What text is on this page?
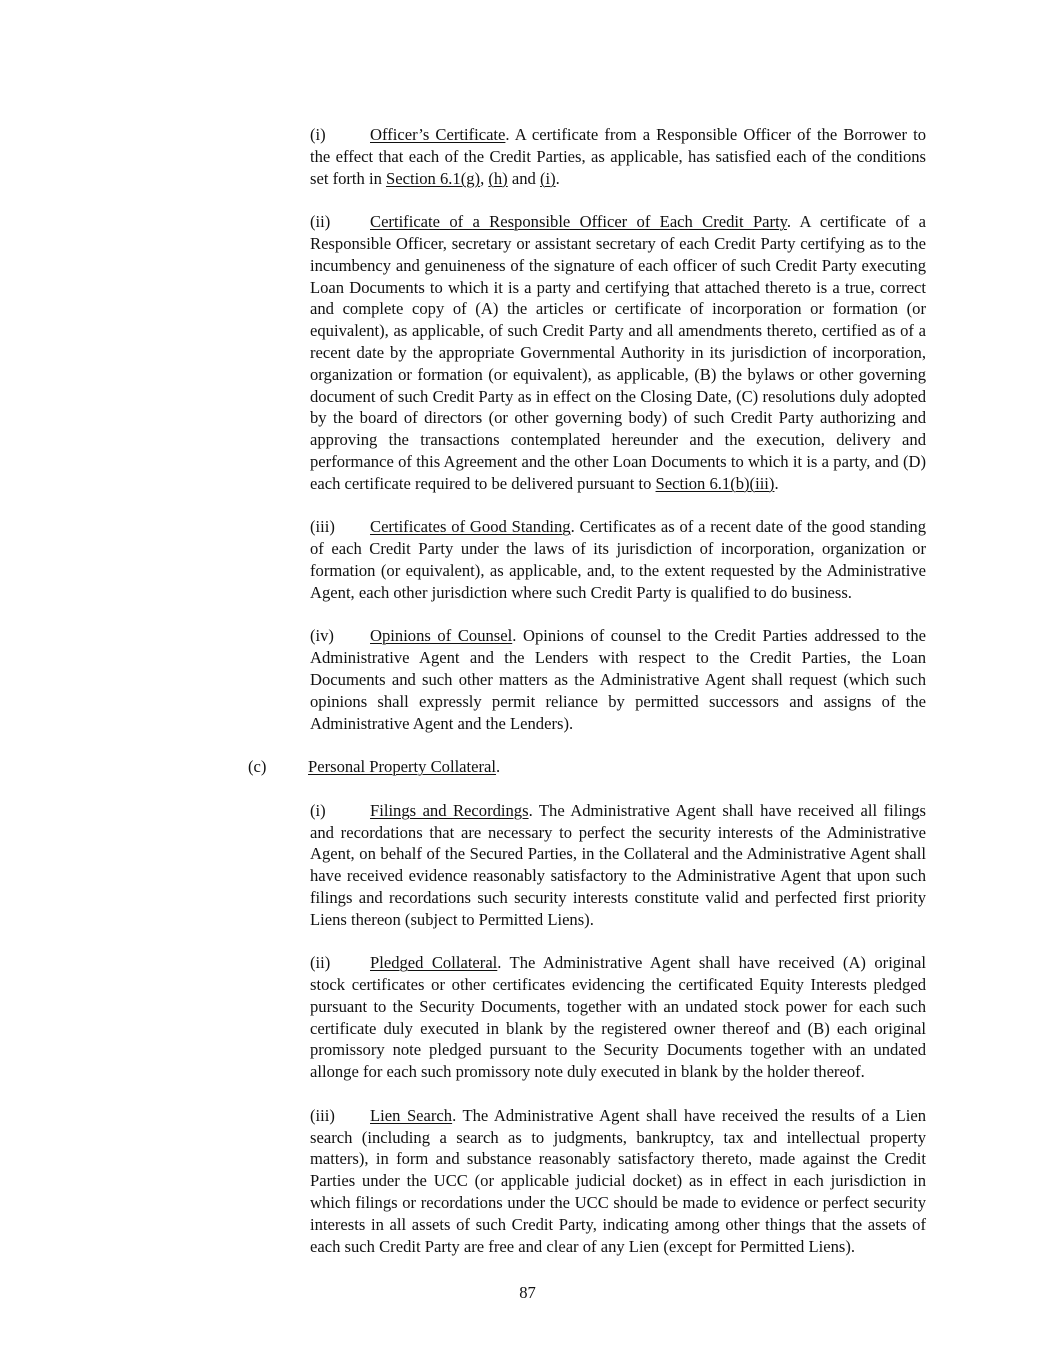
(i)	Officer’s Certificate. A certificate from a Responsible Officer of the Borrower to the effect that each of the Credit Parties, as applicable, has satisfied each of the conditions set forth in Section 6.1(g), (h) and (i).

(ii) Certificate of a Responsible Officer of Each Credit Party. A certificate of a Responsible Officer, secretary or assistant secretary of each Credit Party certifying as to the incumbency and genuineness of the signature of each officer of such Credit Party executing Loan Documents to which it is a party and certifying that attached thereto is a true, correct and complete copy of (A) the articles or certificate of incorporation or formation (or equivalent), as applicable, of such Credit Party and all amendments thereto, certified as of a recent date by the appropriate Governmental Authority in its jurisdiction of incorporation, organization or formation (or equivalent), as applicable, (B) the bylaws or other governing document of such Credit Party as in effect on the Closing Date, (C) resolutions duly adopted by the board of directors (or other governing body) of such Credit Party authorizing and approving the transactions contemplated hereunder and the execution, delivery and performance of this Agreement and the other Loan Documents to which it is a party, and (D) each certificate required to be delivered pursuant to Section 6.1(b)(iii).

(iii) Certificates of Good Standing. Certificates as of a recent date of the good standing of each Credit Party under the laws of its jurisdiction of incorporation, organization or formation (or equivalent), as applicable, and, to the extent requested by the Administrative Agent, each other jurisdiction where such Credit Party is qualified to do business.

(iv) Opinions of Counsel. Opinions of counsel to the Credit Parties addressed to the Administrative Agent and the Lenders with respect to the Credit Parties, the Loan Documents and such other matters as the Administrative Agent shall request (which such opinions shall expressly permit reliance by permitted successors and assigns of the Administrative Agent and the Lenders).

(c)	Personal Property Collateral.

(i)	Filings and Recordings. The Administrative Agent shall have received all filings and recordations that are necessary to perfect the security interests of the Administrative Agent, on behalf of the Secured Parties, in the Collateral and the Administrative Agent shall have received evidence reasonably satisfactory to the Administrative Agent that upon such filings and recordations such security interests constitute valid and perfected first priority Liens thereon (subject to Permitted Liens).

(ii) Pledged Collateral. The Administrative Agent shall have received (A) original stock certificates or other certificates evidencing the certificated Equity Interests pledged pursuant to the Security Documents, together with an undated stock power for each such certificate duly executed in blank by the registered owner thereof and (B) each original promissory note pledged pursuant to the Security Documents together with an undated allonge for each such promissory note duly executed in blank by the holder thereof.

(iii) Lien Search. The Administrative Agent shall have received the results of a Lien search (including a search as to judgments, bankruptcy, tax and intellectual property matters), in form and substance reasonably satisfactory thereto, made against the Credit Parties under the UCC (or applicable judicial docket) as in effect in each jurisdiction in which filings or recordations under the UCC should be made to evidence or perfect security interests in all assets of such Credit Party, indicating among other things that the assets of each such Credit Party are free and clear of any Lien (except for Permitted Liens).

87
